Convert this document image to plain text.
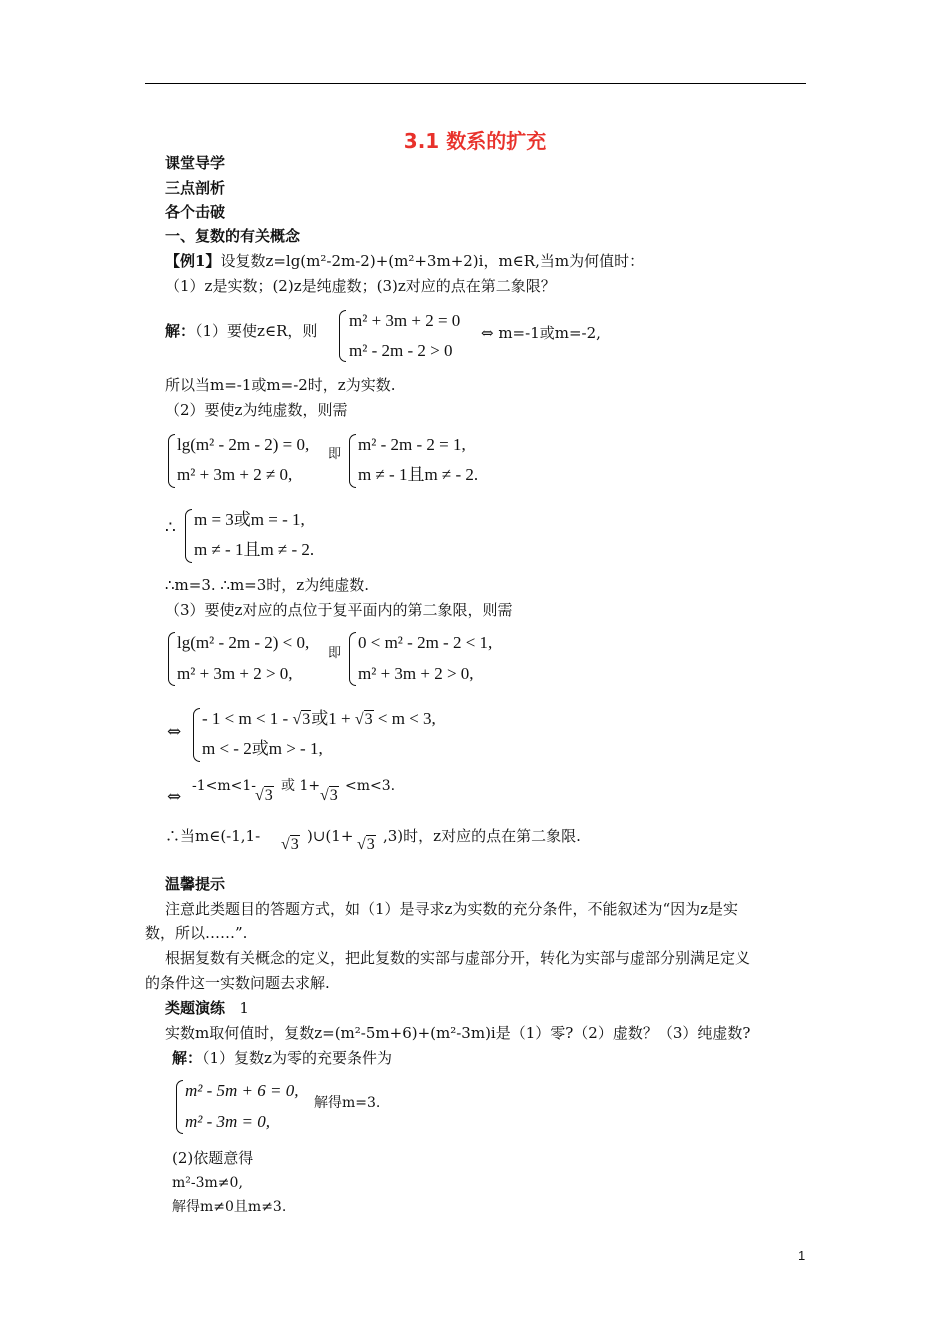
3.1 数系的扩充
课堂导学
三点剖析
各个击破
一、复数的有关概念
【例1】设复数z=lg(m²-2m-2)+(m²+3m+2)i，m∈R,当m为何值时：
（1）z是实数；(2)z是纯虚数；(3)z对应的点在第二象限？
解：（1）要使z∈R，则
m² + 3m + 2 = 0
m² - 2m - 2 > 0
⇔ m=-1或m=-2,
所以当m=-1或m=-2时，z为实数.
（2）要使z为纯虚数，则需
lg(m² - 2m - 2) = 0,
m² + 3m + 2 ≠ 0,
即
m² - 2m - 2 = 1,
m ≠ - 1且m ≠ - 2.
∴ m = 3或m = - 1,
m ≠ - 1且m ≠ - 2.
∴m=3. ∴m=3时，z为纯虚数.
（3）要使z对应的点位于复平面内的第二象限，则需
lg(m² - 2m - 2) < 0,
m² + 3m + 2 > 0,
即
0 < m² - 2m - 2 < 1,
m² + 3m + 2 > 0,
⇔
- 1 < m < 1 - √3或1 + √3 < m < 3,
m < - 2或m > - 1,
⇔
-1<m<1-
√3
或 1+
√3
<m<3.
∴当m∈(-1,1- √3 )∪(1+ √3 ,3)时，z对应的点在第二象限.
温馨提示
注意此类题目的答题方式，如（1）是寻求z为实数的充分条件，不能叙述为“因为z是实
数，所以……”.
根据复数有关概念的定义，把此复数的实部与虚部分开，转化为实部与虚部分别满足定义
的条件这一实数问题去求解.
类题演练 1
实数m取何值时，复数z=(m²-5m+6)+(m²-3m)i是（1）零?（2）虚数？（3）纯虚数?
解：（1）复数z为零的充要条件为
m² - 5m + 6 = 0,
m² - 3m = 0,
解得m=3.
(2)依题意得
m²-3m≠0,
解得m≠0且m≠3.
1
